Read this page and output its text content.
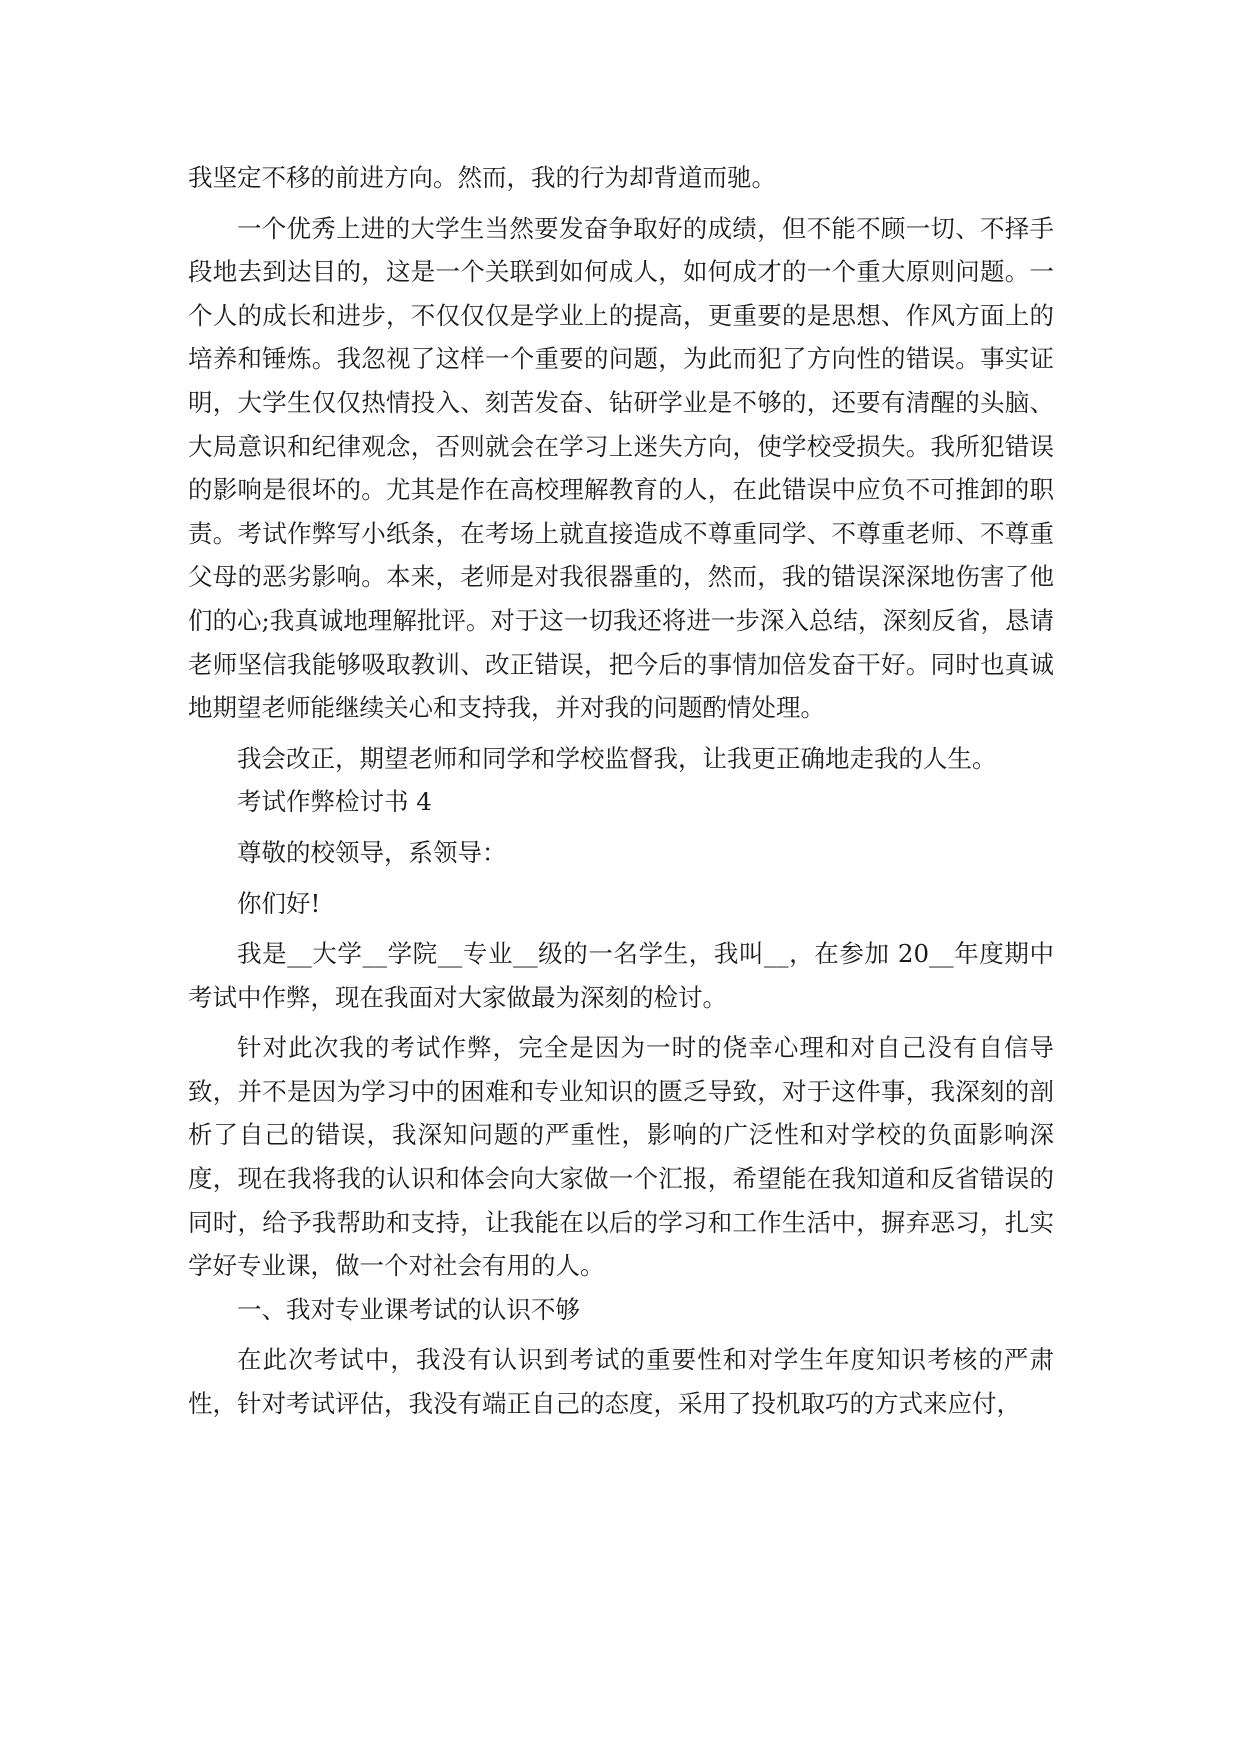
我坚定不移的前进方向。然而，我的行为却背道而驰。

一个优秀上进的大学生当然要发奋争取好的成绩，但不能不顾一切、不择手段地去到达目的，这是一个关联到如何成人，如何成才的一个重大原则问题。一个人的成长和进步，不仅仅仅是学业上的提高，更重要的是思想、作风方面上的培养和锤炼。我忽视了这样一个重要的问题，为此而犯了方向性的错误。事实证明，大学生仅仅热情投入、刻苦发奋、钻研学业是不够的，还要有清醒的头脑、大局意识和纪律观念，否则就会在学习上迷失方向，使学校受损失。我所犯错误的影响是很坏的。尤其是作在高校理解教育的人，在此错误中应负不可推卸的职责。考试作弊写小纸条，在考场上就直接造成不尊重同学、不尊重老师、不尊重父母的恶劣影响。本来，老师是对我很器重的，然而，我的错误深深地伤害了他们的心;我真诚地理解批评。对于这一切我还将进一步深入总结，深刻反省，恳请老师坚信我能够吸取教训、改正错误，把今后的事情加倍发奋干好。同时也真诚地期望老师能继续关心和支持我，并对我的问题酌情处理。

我会改正，期望老师和同学和学校监督我，让我更正确地走我的人生。

考试作弊检讨书 4

尊敬的校领导，系领导：

你们好!

我是__大学__学院__专业__级的一名学生，我叫__，在参加 20__年度期中考试中作弊，现在我面对大家做最为深刻的检讨。

针对此次我的考试作弊，完全是因为一时的侥幸心理和对自己没有自信导致，并不是因为学习中的困难和专业知识的匮乏导致，对于这件事，我深刻的剖析了自己的错误，我深知问题的严重性，影响的广泛性和对学校的负面影响深度，现在我将我的认识和体会向大家做一个汇报，希望能在我知道和反省错误的同时，给予我帮助和支持，让我能在以后的学习和工作生活中，摒弃恶习，扎实学好专业课，做一个对社会有用的人。

一、我对专业课考试的认识不够

在此次考试中，我没有认识到考试的重要性和对学生年度知识考核的严肃性，针对考试评估，我没有端正自己的态度，采用了投机取巧的方式来应付，
